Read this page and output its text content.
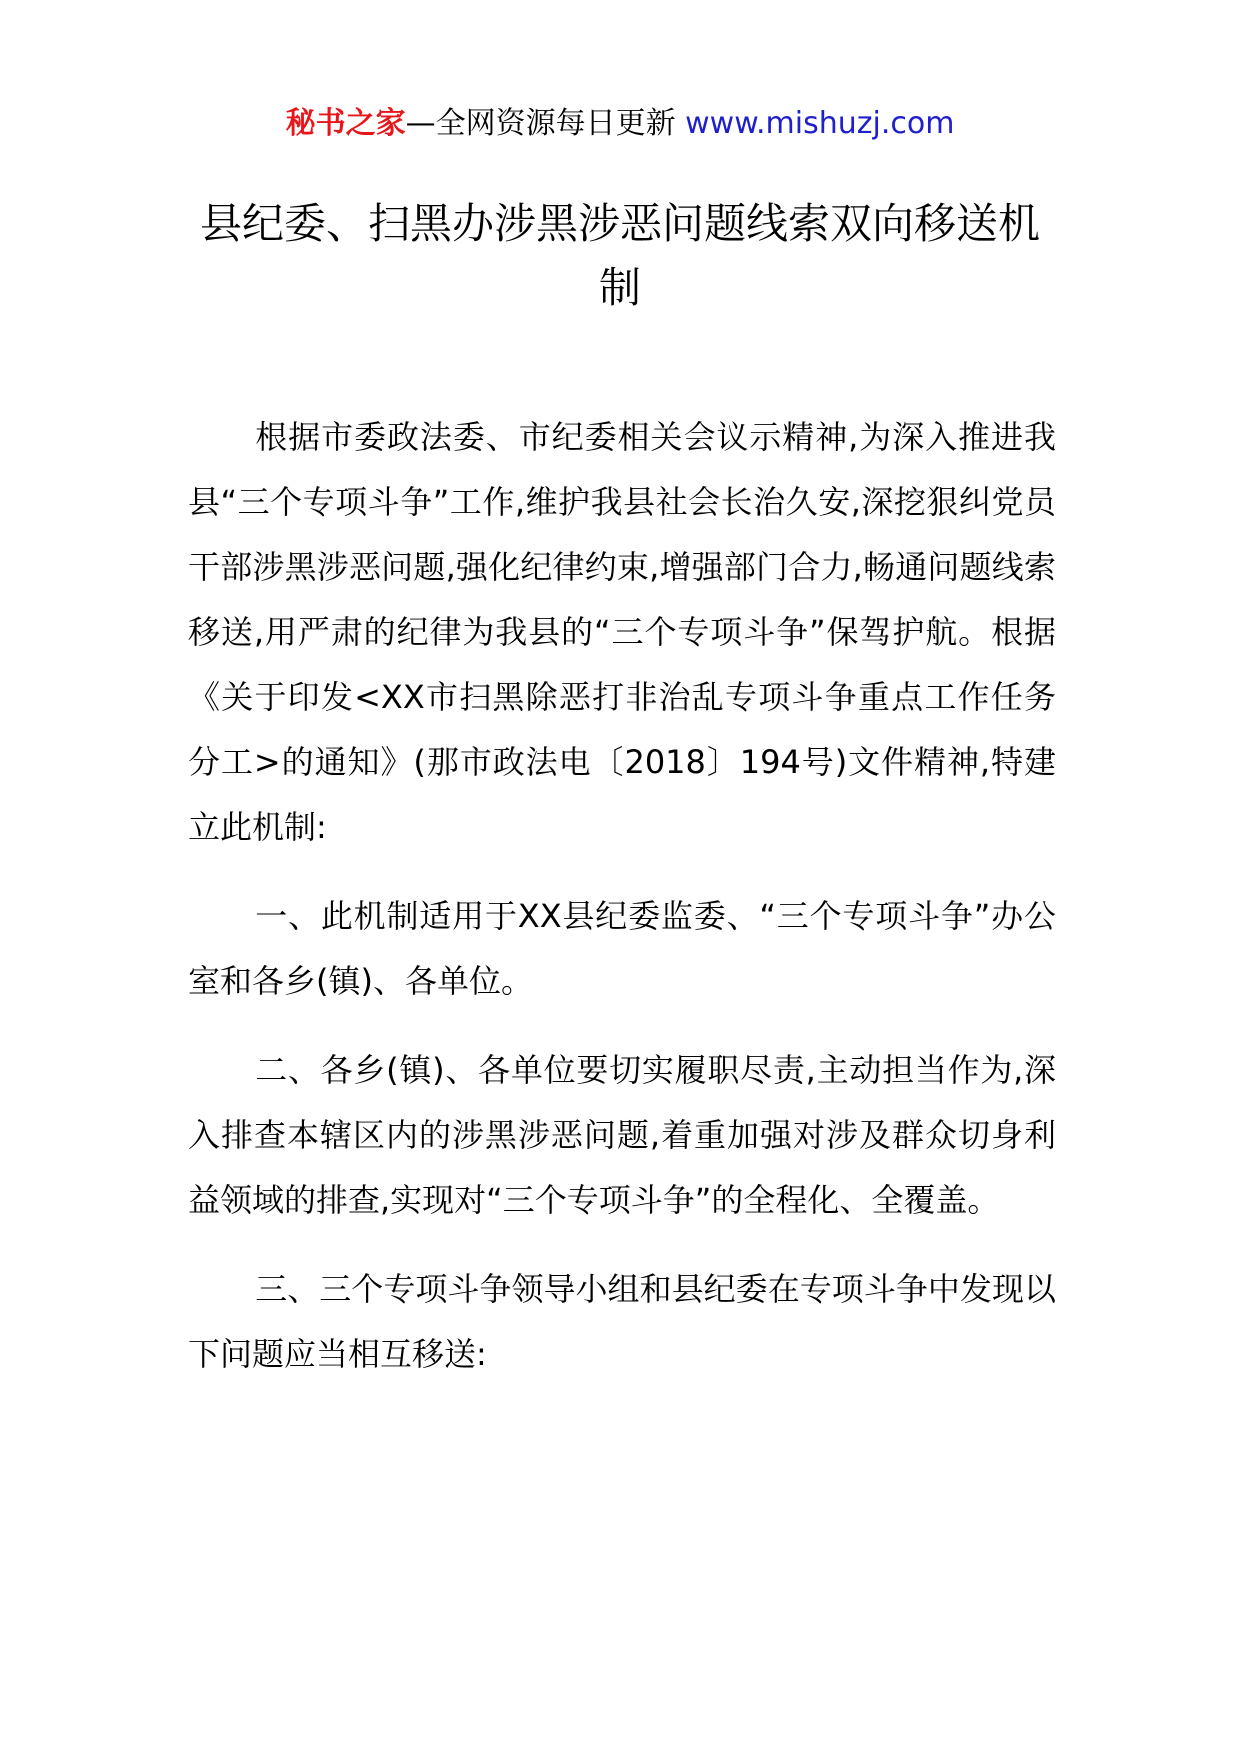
秘书之家—全网资源每日更新 www.mishuzj.com
县纪委、扫黑办涉黑涉恶问题线索双向移送机制

根据市委政法委、市纪委相关会议示精神,为深入推进我县“三个专项斗争”工作,维护我县社会长治久安,深挖狠纠党员干部涉黑涉恶问题,强化纪律约束,增强部门合力,畅通问题线索移送,用严肃的纪律为我县的“三个专项斗争”保驾护航。根据《关于印发<XX市扫黑除恶打非治乱专项斗争重点工作任务分工>的通知》(那市政法电〔2018〕194号)文件精神,特建立此机制:

一、此机制适用于XX县纪委监委、“三个专项斗争”办公室和各乡(镇)、各单位。

二、各乡(镇)、各单位要切实履职尽责,主动担当作为,深入排查本辖区内的涉黑涉恶问题,着重加强对涉及群众切身利益领域的排查,实现对“三个专项斗争”的全程化、全覆盖。

三、三个专项斗争领导小组和县纪委在专项斗争中发现以下问题应当相互移送:
